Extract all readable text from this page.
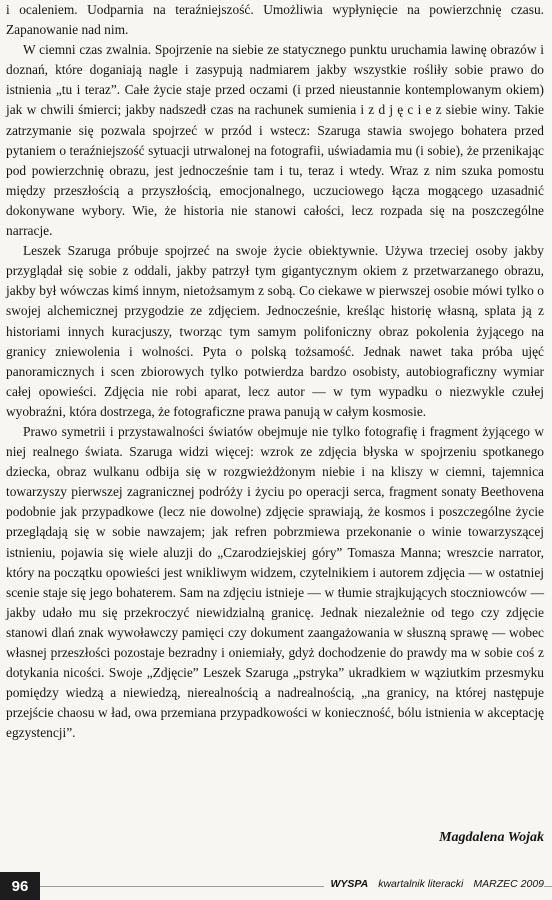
i ocaleniem. Uodparnia na teraźniejszość. Umożliwia wypłynięcie na powierzchnię czasu. Zapanowanie nad nim.

W ciemni czas zwalnia. Spojrzenie na siebie ze statycznego punktu uruchamia lawinę obrazów i doznań, które doganiają nagle i zasypują nadmiarem jakby wszystkie rośliły sobie prawo do istnienia „tu i teraz”. Całe życie staje przed oczami (i przed nieustannie kontemplowanym okiem) jak w chwili śmierci; jakby nadszedł czas na rachunek sumienia i z d j ę c i e z siebie winy. Takie zatrzymanie się pozwala spojrzeć w przód i wstecz: Szaruga stawia swojego bohatera przed pytaniem o teraźniejszość sytuacji utrwalonej na fotografii, uświadamia mu (i sobie), że przenikając pod powierzchnię obrazu, jest jednocześnie tam i tu, teraz i wtedy. Wraz z nim szuka pomostu między przeszłością a przyszłością, emocjonalnego, uczuciowego łącza mogącego uzasadnić dokonywane wybory. Wie, że historia nie stanowi całości, lecz rozpada się na poszczególne narracje.

Leszek Szaruga próbuje spojrzeć na swoje życie obiektywnie. Używa trzeciej osoby jakby przyglądał się sobie z oddali, jakby patrzył tym gigantycznym okiem z przetwarzanego obrazu, jakby był wówczas kimś innym, nietożsamym z sobą. Co ciekawe w pierwszej osobie mówi tylko o swojej alchemicznej przygodzie ze zdjęciem. Jednocześnie, kreśląc historię własną, splata ją z historiami innych kuracjuszy, tworząc tym samym polifoniczny obraz pokolenia żyjącego na granicy zniewolenia i wolności. Pyta o polską tożsamość. Jednak nawet taka próba ujęć panoramicznych i scen zbiorowych tylko potwierdza bardzo osobisty, autobiograficzny wymiar całej opowieści. Zdjęcia nie robi aparat, lecz autor — w tym wypadku o niezwykle czułej wyobraźni, która dostrzega, że fotograficzne prawa panują w całym kosmosie.

Prawo symetrii i przystawalności światów obejmuje nie tylko fotografię i fragment żyjącego w niej realnego świata. Szaruga widzi więcej: wzrok ze zdjęcia błyska w spojrzeniu spotkanego dziecka, obraz wulkanu odbija się w rozgwieżdżonym niebie i na kliszy w ciemni, tajemnica towarzyszy pierwszej zagranicznej podróży i życiu po operacji serca, fragment sonaty Beethovena podobnie jak przypadkowe (lecz nie dowolne) zdjęcie sprawiają, że kosmos i poszczególne życie przeglądają się w sobie nawzajem; jak refren pobrzmiewa przekonanie o winie towarzyszącej istnieniu, pojawia się wiele aluzji do „Czarodziejskiej góry” Tomasza Manna; wreszcie narrator, który na początku opowieści jest wnikliwym widzem, czytelnikiem i autorem zdjęcia — w ostatniej scenie staje się jego bohaterem. Sam na zdjęciu istnieje — w tłumie strajkujących stoczniowców — jakby udało mu się przekroczyć niewidzialną granicę. Jednak niezależnie od tego czy zdjęcie stanowi dlań znak wywoławczy pamięci czy dokument zaangażowania w słuszną sprawę — wobec własnej przeszłości pozostaje bezradny i oniemiały, gdyż dochodzenie do prawdy ma w sobie coś z dotykania nicości. Swoje „Zdjęcie” Leszek Szaruga „pstryka” ukradkiem w wąziutkim przesmyku pomiędzy wiedzą a niewiedzą, nierealnością a nadrealnością, „na granicy, na której następuje przejście chaosu w ład, owa przemiana przypadkowości w konieczność, bólu istnienia w akceptację egzystencji”.

Magdalena Wojak
96	WYSPA kwartalnik literacki MARZEC 2009
